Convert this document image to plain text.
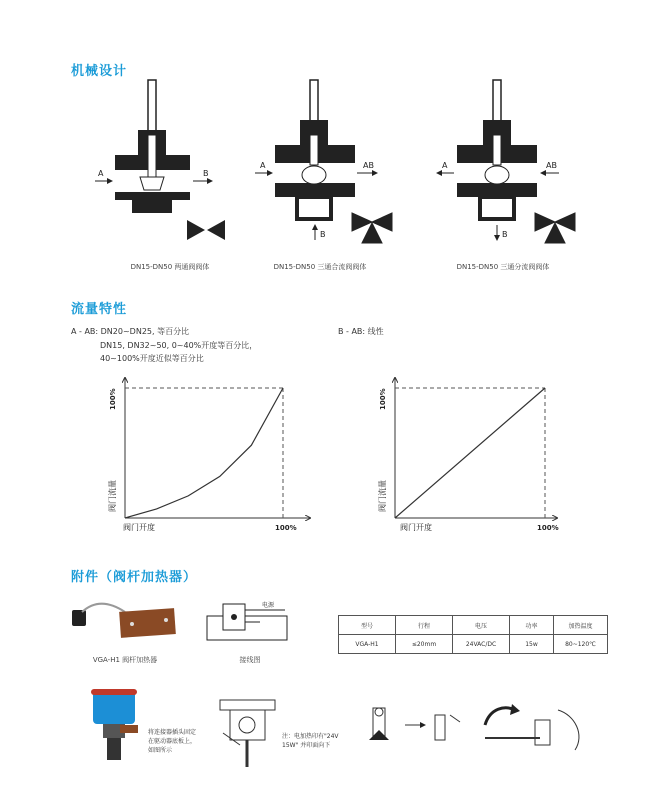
机械设计
A	B
A	AB
B
A	AB
B
DN15-DN50 两通阀阀体	DN15-DN50 三通合流阀阀体	DN15-DN50 三通分流阀阀体
流量特性
A - AB: DN20~DN25, 等百分比
DN15, DN32~50, 0~40%开度等百分比，
40~100%开度近似等百分比
B - AB: 线性
100%
阀门流量
阀门开度	100%
100%
阀门流量
阀门开度	100%
附件（阀杆加热器）
VGA-H1 阀杆加热器
电源
接线图
型号	行程	电压	功率	加热温度
VGA-H1	≤20mm	24VAC/DC	15w	80~120℃
将连接器插头固定
在驱动器底板上，
如图所示
注：电加热印有"24V
15W" 并印面向下
